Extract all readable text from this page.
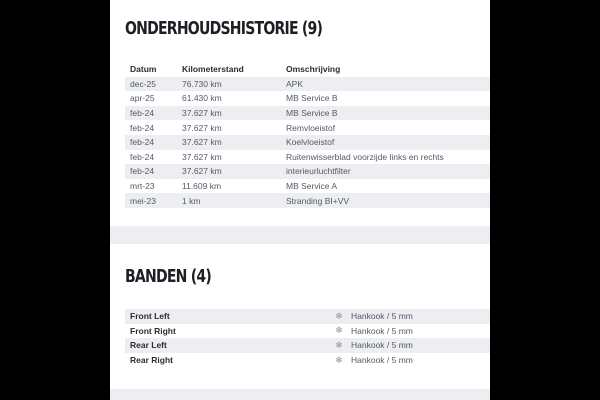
ONDERHOUDSHISTORIE (9)
Datum	Kilometerstand	Omschrijving
dec-25	76.730 km	APK
apr-25	61.430 km	MB Service B
feb-24	37.627 km	MB Service B
feb-24	37.627 km	Remvloeistof
feb-24	37.627 km	Koelvloeistof
feb-24	37.627 km	Ruitenwisserblad voorzijde links en rechts
feb-24	37.627 km	interieurluchtfilter
mrt-23	11.609 km	MB Service A
mei-23	1 km	Stranding BI+VV
BANDEN (4)
Front Left	❄ Hankook / 5 mm
Front Right	❄ Hankook / 5 mm
Rear Left	❄ Hankook / 5 mm
Rear Right	❄ Hankook / 5 mm
